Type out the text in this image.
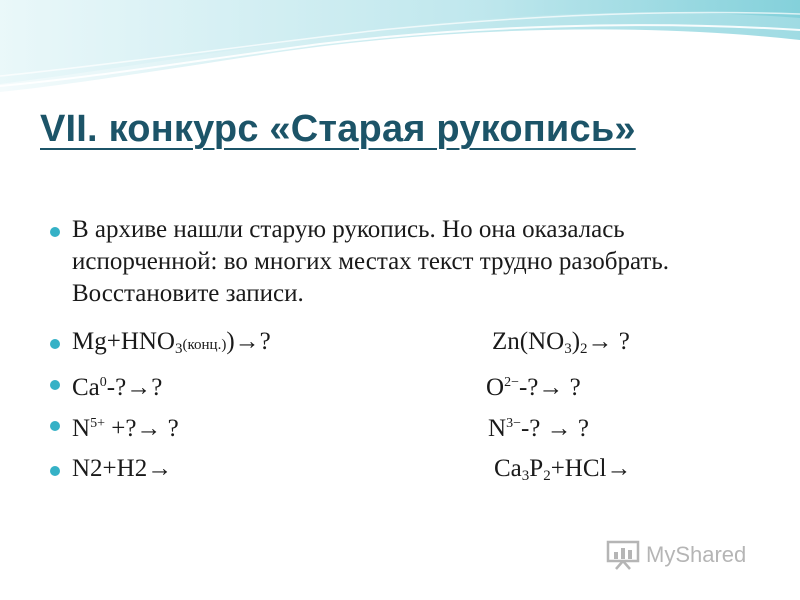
VII. конкурс «Старая рукопись»
В архиве нашли старую рукопись. Но она оказалась испорченной: во многих местах текст трудно разобрать. Восстановите записи.
$Mg+HNO_3(конц.))\to$?	$Zn(NO_3)_2\to$ ?
$Ca^0-?\to$?	$O^{2-}-?\to$ ?
$N^{5+}$ +?→ ?	$N^{3-}-$? → ?
N2+H2→	$Ca_3P_2+HCl\to$
MyShared
